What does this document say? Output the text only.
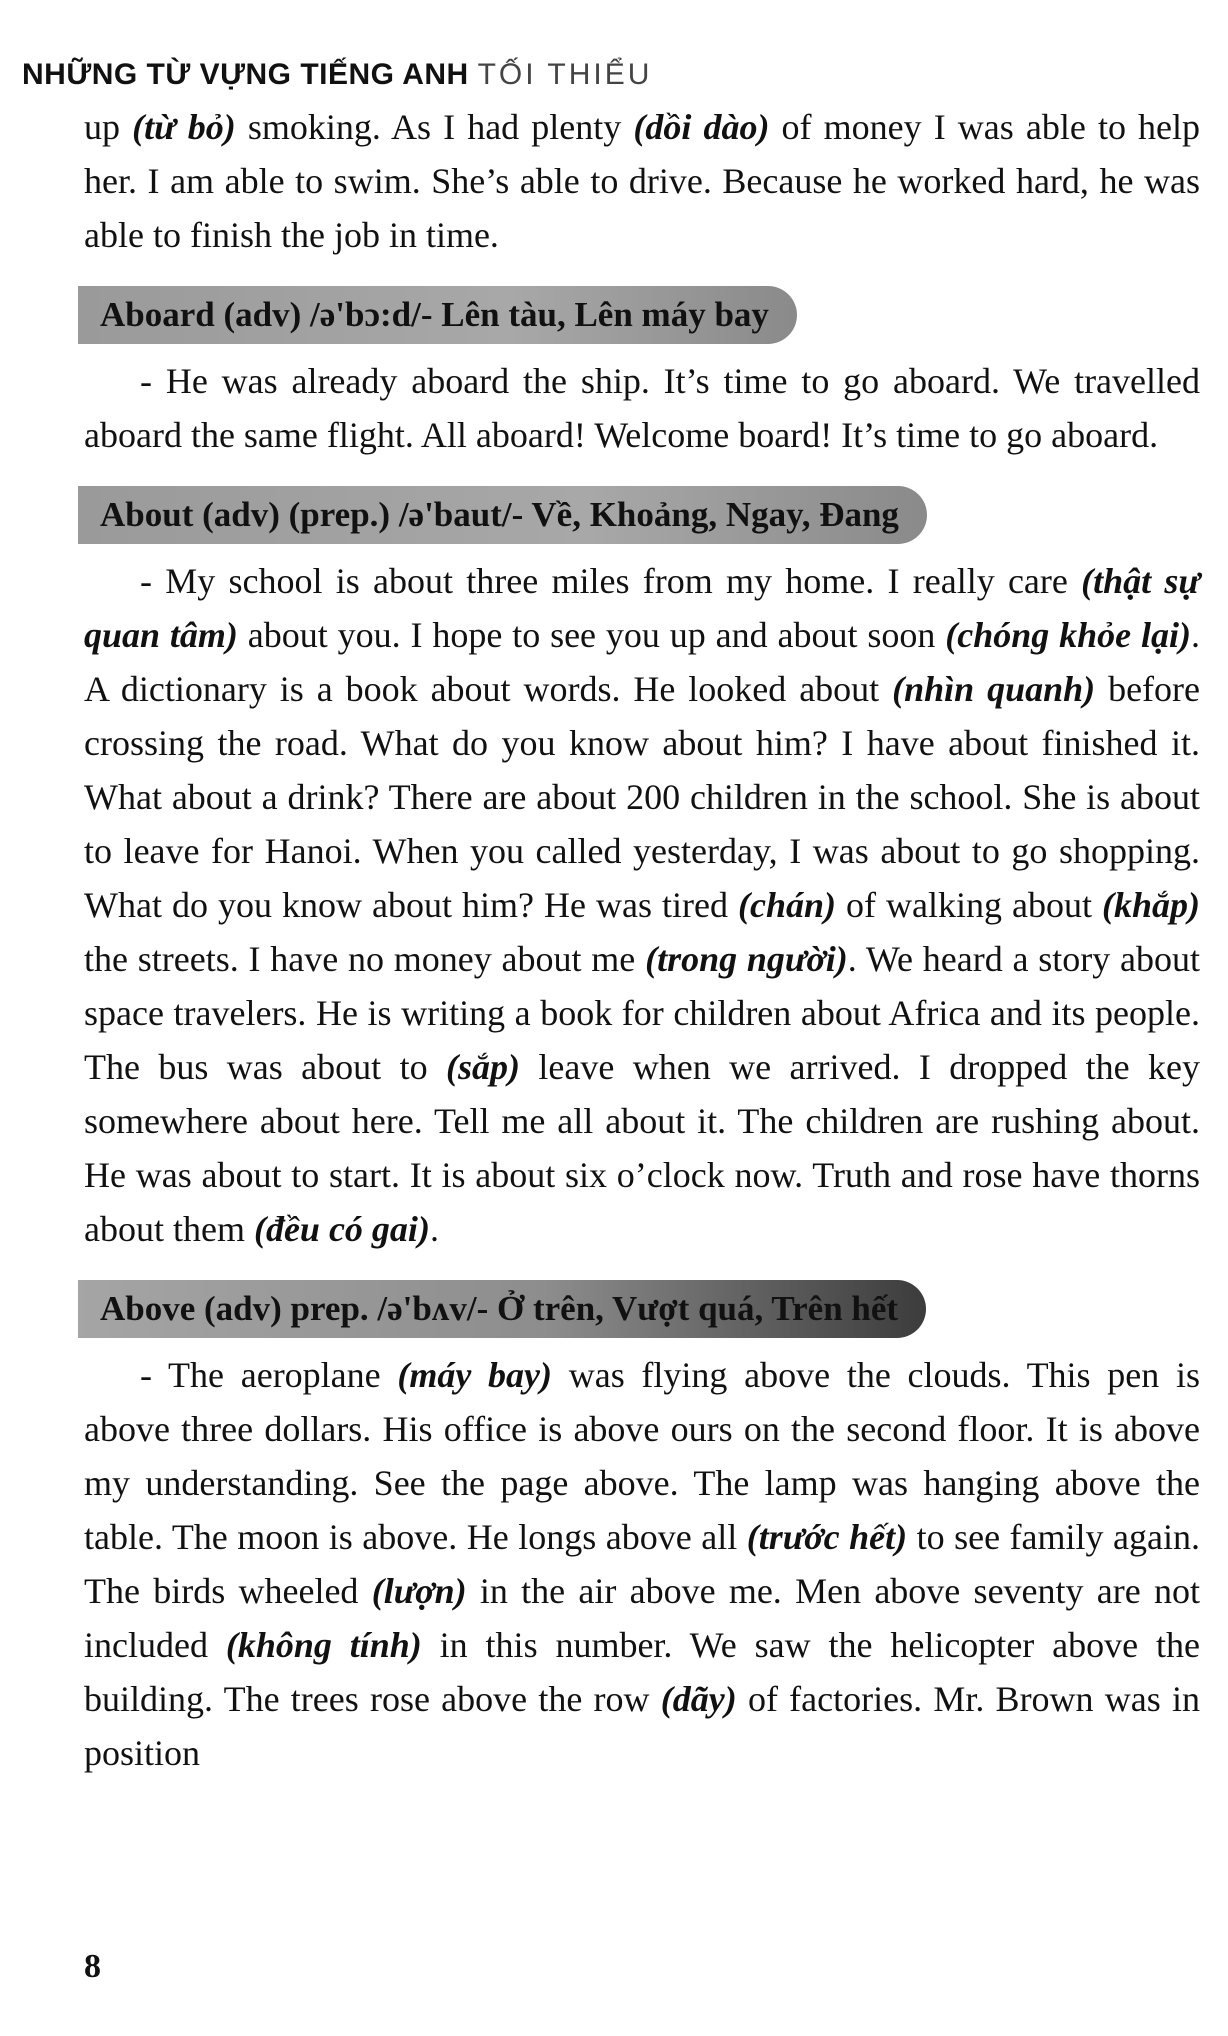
NHỮNG TỪ VỰNG TIẾNG ANH TỐI THIỂU

up (từ bỏ) smoking. As I had plenty (dồi dào) of money I was able to help her. I am able to swim. She’s able to drive. Because he worked hard, he was able to finish the job in time.

Aboard (adv) /ə'bɔ:d/- Lên tàu, Lên máy bay

- He was already aboard the ship. It’s time to go aboard. We travelled aboard the same flight. All aboard! Welcome board! It’s time to go aboard.

About (adv) (prep.) /ə'baut/- Về, Khoảng, Ngay, Đang

- My school is about three miles from my home. I really care (thật sự quan tâm) about you. I hope to see you up and about soon (chóng khỏe lại). A dictionary is a book about words. He looked about (nhìn quanh) before crossing the road. What do you know about him? I have about finished it. What about a drink? There are about 200 children in the school. She is about to leave for Hanoi. When you called yesterday, I was about to go shopping. What do you know about him? He was tired (chán) of walking about (khắp) the streets. I have no money about me (trong người). We heard a story about space travelers. He is writing a book for children about Africa and its people. The bus was about to (sắp) leave when we arrived. I dropped the key somewhere about here. Tell me all about it. The children are rushing about. He was about to start. It is about six o’clock now. Truth and rose have thorns about them (đều có gai).

Above (adv) prep. /ə'bʌv/- Ở trên, Vượt quá, Trên hết

- The aeroplane (máy bay) was flying above the clouds. This pen is above three dollars. His office is above ours on the second floor. It is above my understanding. See the page above. The lamp was hanging above the table. The moon is above. He longs above all (trước hết) to see family again. The birds wheeled (lượn) in the air above me. Men above seventy are not included (không tính) in this number. We saw the helicopter above the building. The trees rose above the row (dãy) of factories. Mr. Brown was in position

8
